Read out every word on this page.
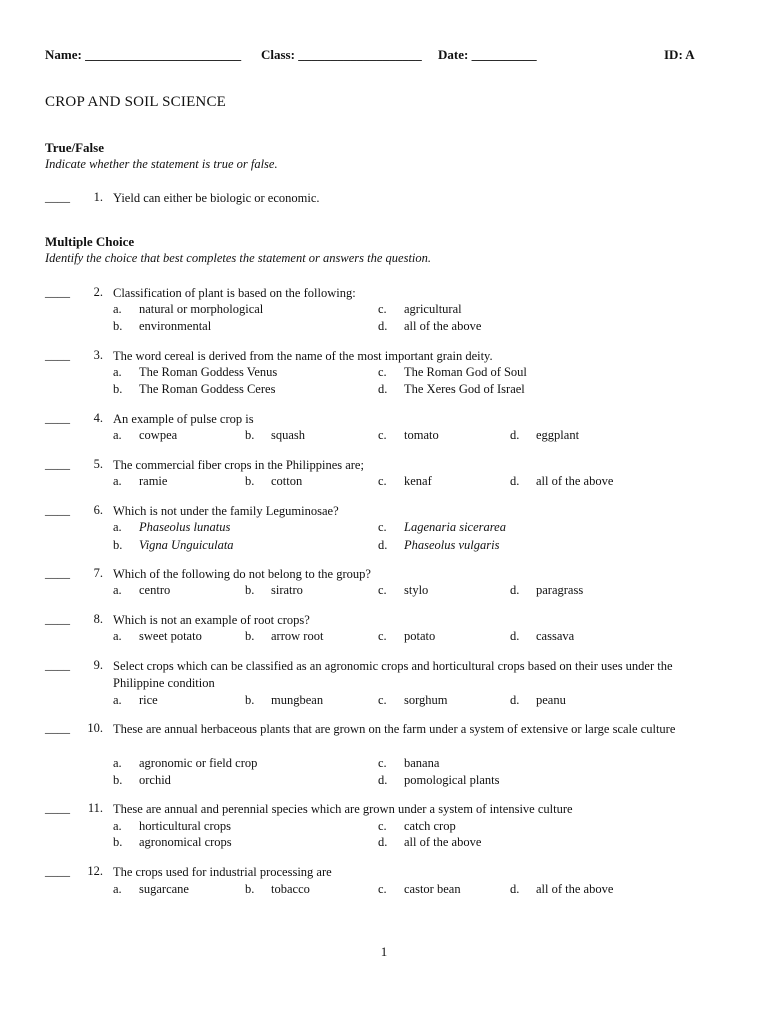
Name: ________________________ Class: ___________________ Date: __________	ID: A
CROP AND SOIL SCIENCE
True/False
Indicate whether the statement is true or false.
____	1. Yield can either be biologic or economic.
Multiple Choice
Identify the choice that best completes the statement or answers the question.
____	2. Classification of plant is based on the following:
a. natural or morphological
b. environmental
c. agricultural
d. all of the above
____	3. The word cereal is derived from the name of the most important grain deity.
a. The Roman Goddess Venus
b. The Roman Goddess Ceres
c. The Roman God of Soul
d. The Xeres God of Israel
____	4. An example of pulse crop is
a. cowpea	b. squash	c. tomato	d. eggplant
____	5. The commercial fiber crops in the Philippines are;
a. ramie	b. cotton	c. kenaf	d. all of the above
____	6. Which is not under the family Leguminosae?
a. Phaseolus lunatus
b. Vigna Unguiculata
c. Lagenaria sicerarea
d. Phaseolus vulgaris
____	7. Which of the following do not belong to the group?
a. centro	b. siratro	c. stylo	d. paragrass
____	8. Which is not an example of root crops?
a. sweet potato	b. arrow root	c. potato	d. cassava
____	9. Select crops which can be classified as an agronomic crops and horticultural crops based on their uses under the Philippine condition
a. rice	b. mungbean	c. sorghum	d. peanu
____	10. These are annual herbaceous plants that are grown on the farm under a system of extensive or large scale culture
a. agronomic or field crop
b. orchid
c. banana
d. pomological plants
____	11. These are annual and perennial species which are grown under a system of intensive culture
a. horticultural crops
b. agronomical crops
c. catch crop
d. all of the above
____	12. The crops used for industrial processing are
a. sugarcane	b. tobacco	c. castor bean	d. all of the above
1
